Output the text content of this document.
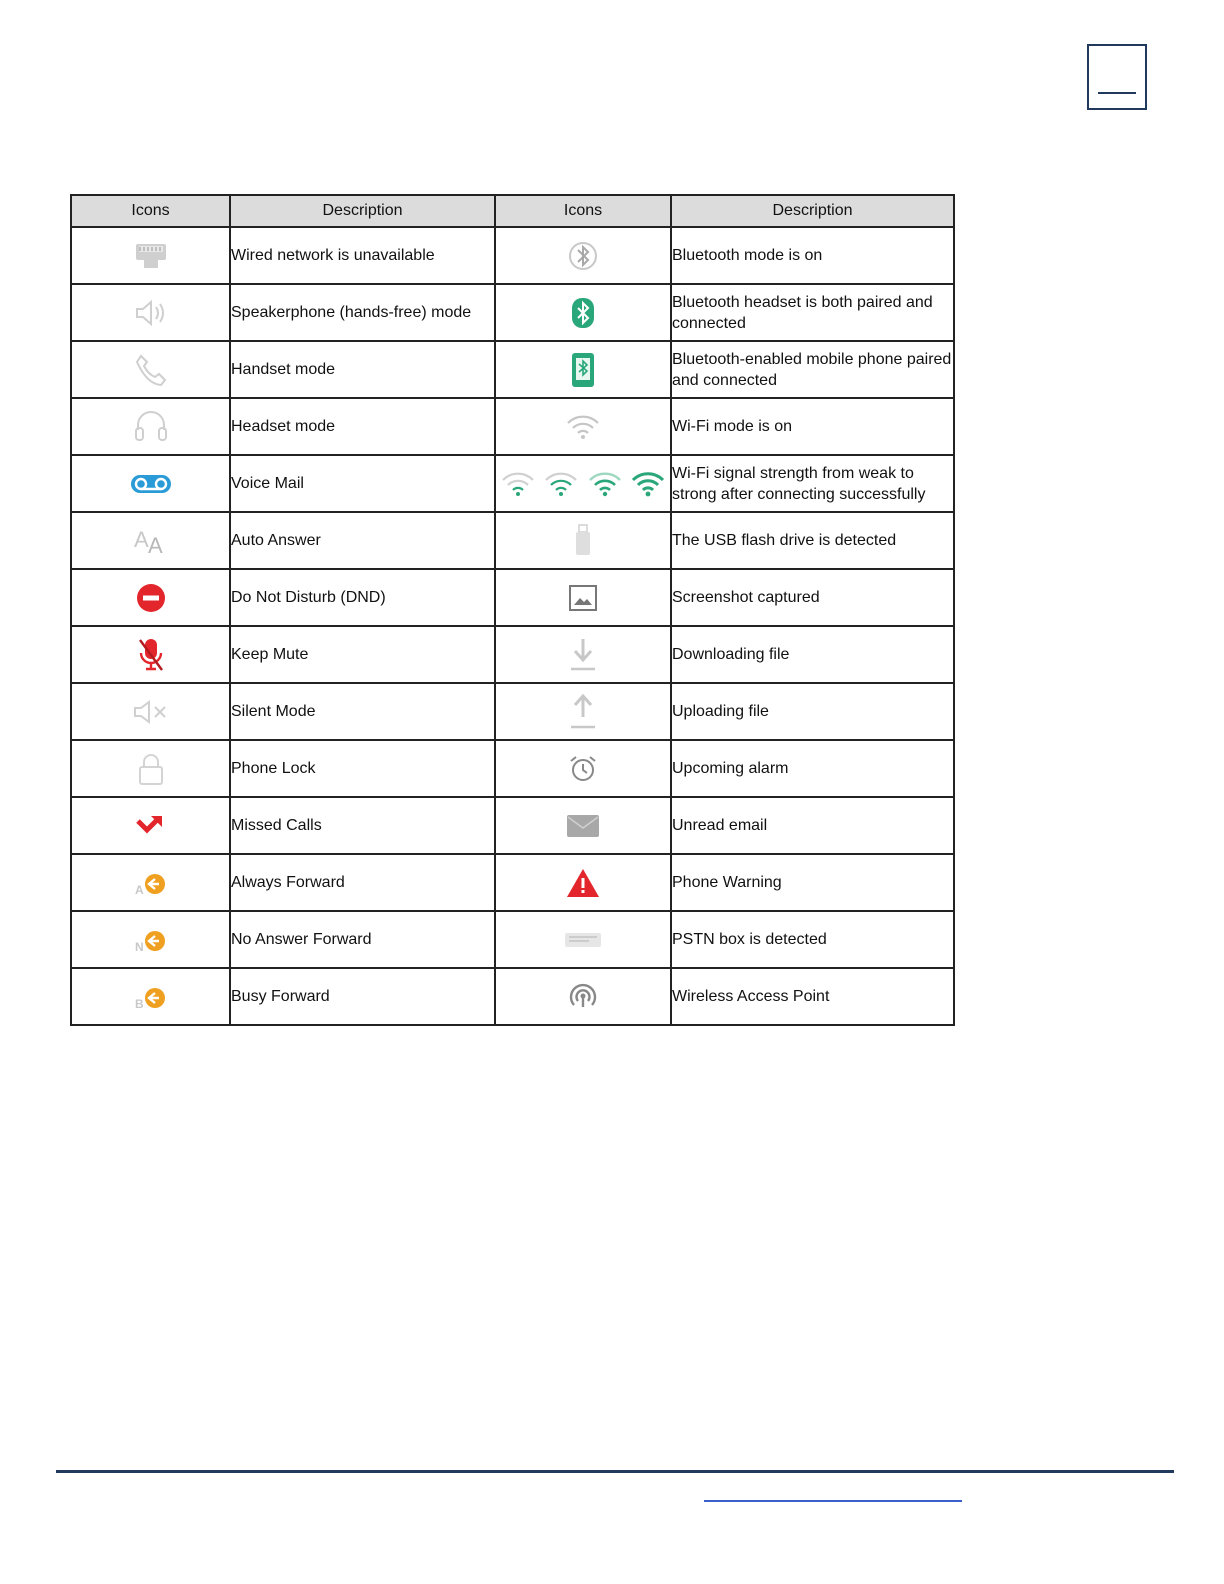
Icons	Description	Icons	Description

	Wired network is unavailable		Bluetooth mode is on

	Speakerphone (hands-free) mode		Bluetooth headset is both paired and connected

	Handset mode		Bluetooth-enabled mobile phone paired and connected

	Headset mode		Wi-Fi mode is on

	Voice Mail		Wi-Fi signal strength from weak to strong after connecting successfully

A A	Auto Answer		The USB flash drive is detected

	Do Not Disturb (DND)		Screenshot captured

	Keep Mute		Downloading file

	Silent Mode		Uploading file

	Phone Lock		Upcoming alarm

	Missed Calls		Unread email

A	Always Forward		Phone Warning

N	No Answer Forward		PSTN box is detected

B	Busy Forward		Wireless Access Point
